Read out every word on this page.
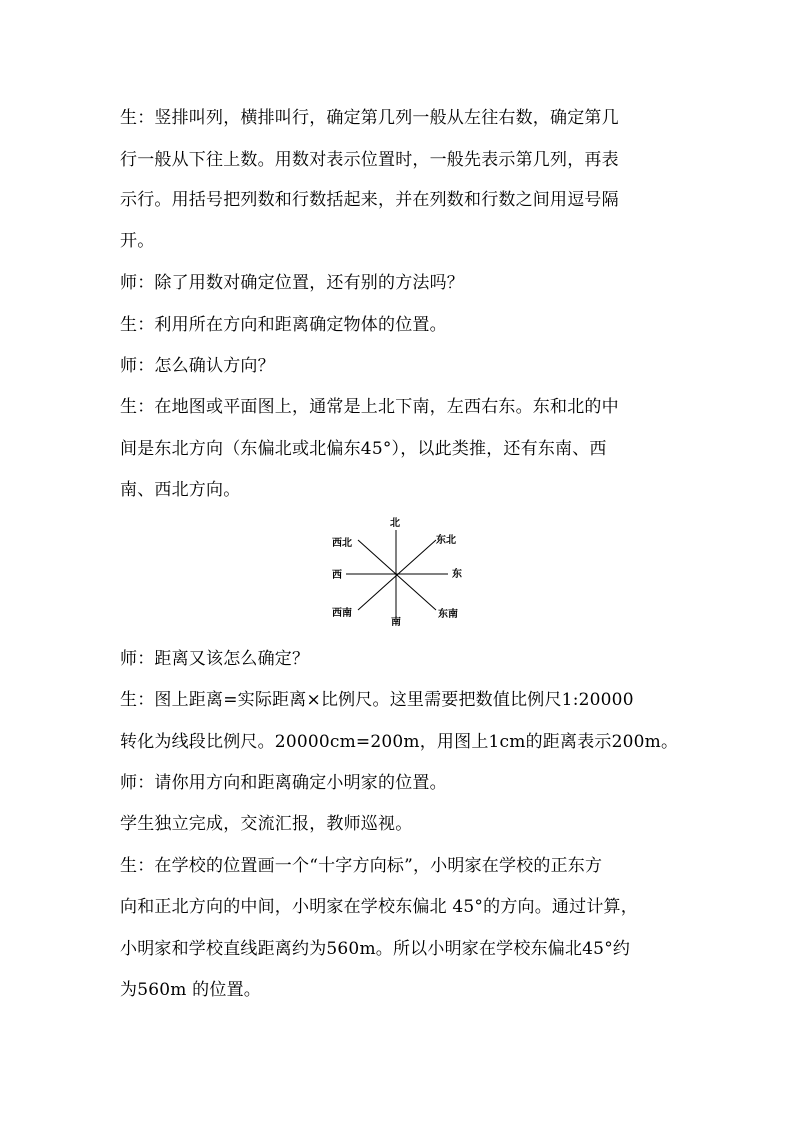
生：竖排叫列，横排叫行，确定第几列一般从左往右数，确定第几
行一般从下往上数。用数对表示位置时，一般先表示第几列，再表
示行。用括号把列数和行数括起来，并在列数和行数之间用逗号隔
开。
师：除了用数对确定位置，还有别的方法吗？
生：利用所在方向和距离确定物体的位置。
师：怎么确认方向？
生：在地图或平面图上，通常是上北下南，左西右东。东和北的中
间是东北方向（东偏北或北偏东45°），以此类推，还有东南、西
南、西北方向。
北
南
东
西
东北
西北
东南
西南
师：距离又该怎么确定？
生：图上距离=实际距离×比例尺。这里需要把数值比例尺1:20000
转化为线段比例尺。20000cm=200m，用图上1cm的距离表示200m。
师：请你用方向和距离确定小明家的位置。
学生独立完成，交流汇报，教师巡视。
生：在学校的位置画一个“十字方向标”，小明家在学校的正东方
向和正北方向的中间，小明家在学校东偏北 45°的方向。通过计算，
小明家和学校直线距离约为560m。所以小明家在学校东偏北45°约
为560m 的位置。
